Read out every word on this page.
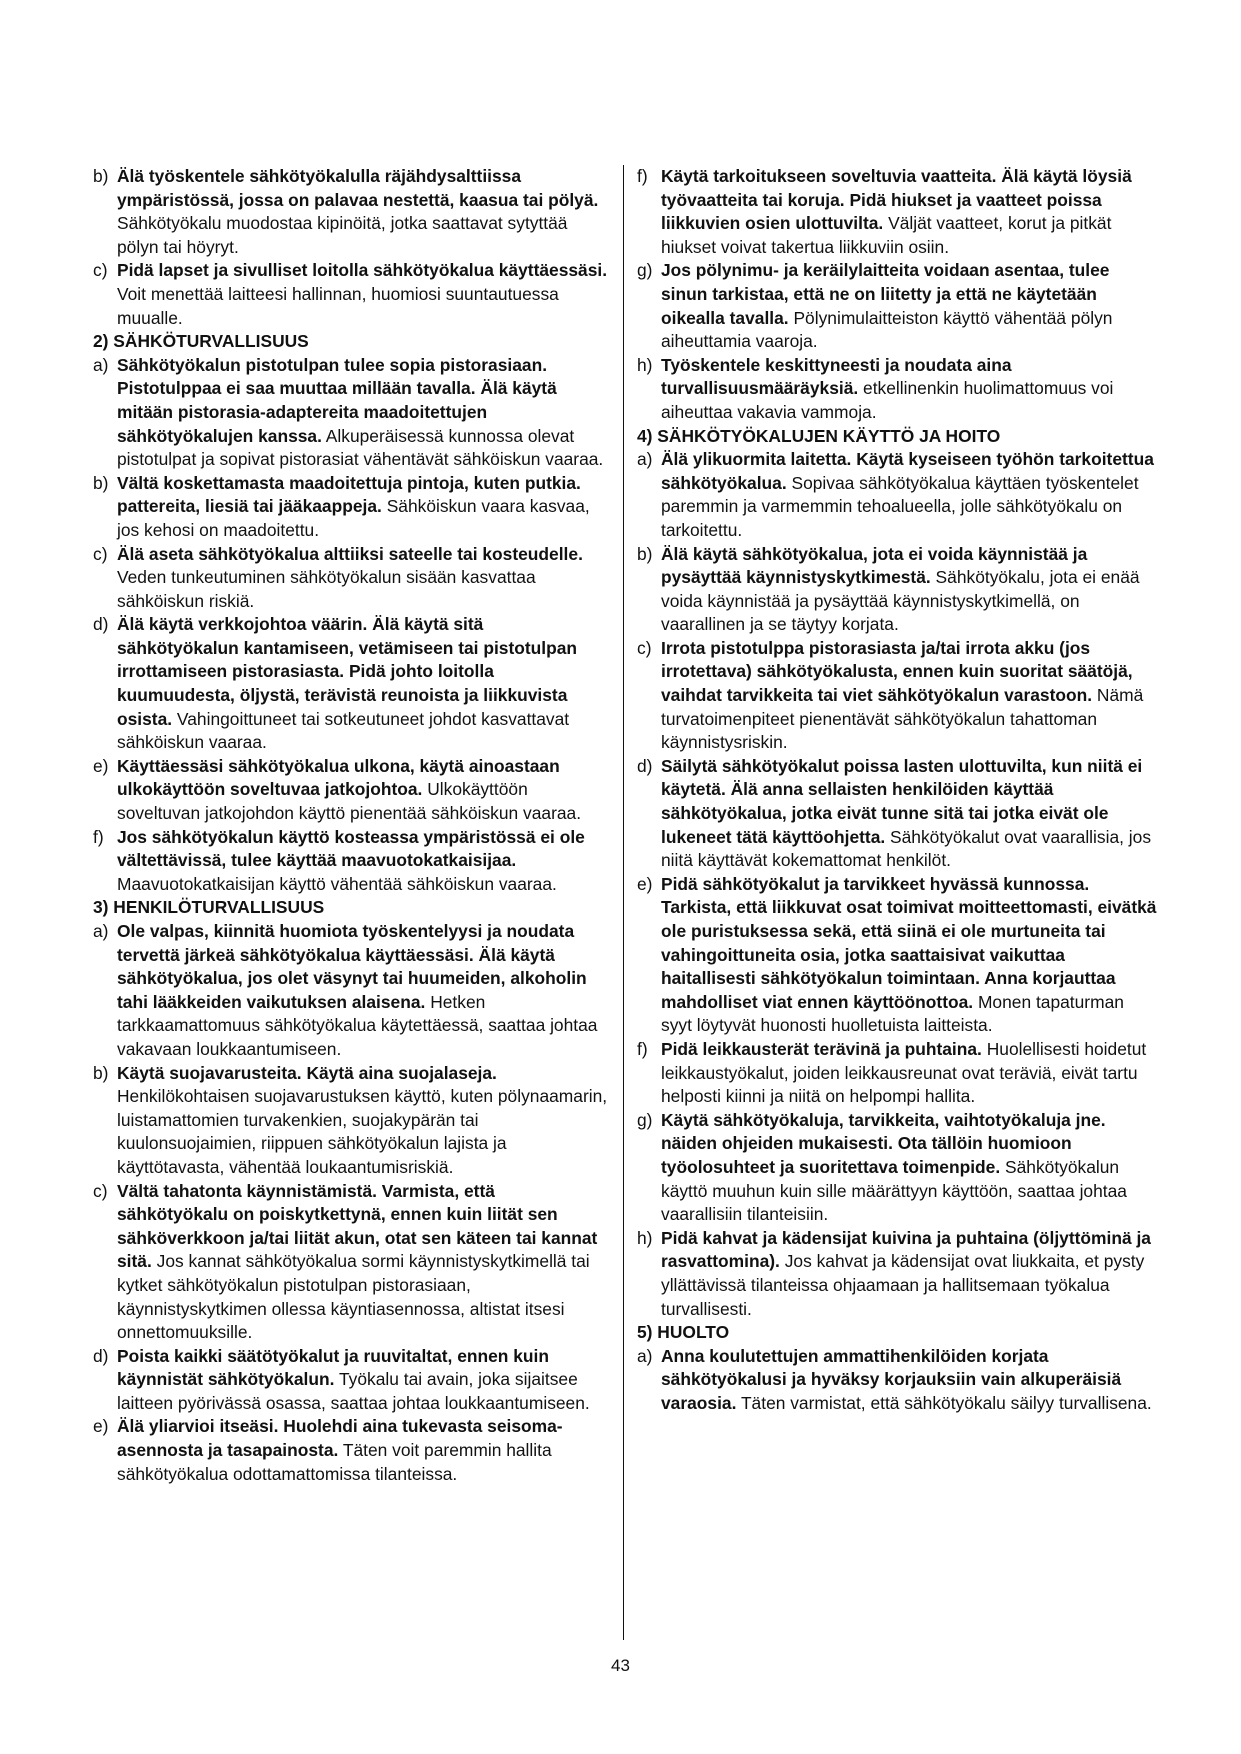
b) Älä työskentele sähkötyökalulla räjähdysalttiissa ympäristössä, jossa on palavaa nestettä, kaasua tai pölyä. Sähkötyökalu muodostaa kipinöitä, jotka saattavat sytyttää pölyn tai höyryt.

c) Pidä lapset ja sivulliset loitolla sähkötyökalua käyttäessäsi. Voit menettää laitteesi hallinnan, huomiosi suuntautuessa muualle.

2) SÄHKÖTURVALLISUUS

a) Sähkötyökalun pistotulpan tulee sopia pistorasiaan. Pistotulppaa ei saa muuttaa millään tavalla. Älä käytä mitään pistorasia-adaptereita maadoitettujen sähkötyökalujen kanssa. Alkuperäisessä kunnossa olevat pistotulpat ja sopivat pistorasiat vähentävät sähköiskun vaaraa.

b) Vältä koskettamasta maadoitettuja pintoja, kuten putkia. pattereita, liesiä tai jääkaappeja. Sähköiskun vaara kasvaa, jos kehosi on maadoitettu.

c) Älä aseta sähkötyökalua alttiiksi sateelle tai kosteudelle. Veden tunkeutuminen sähkötyökalun sisään kasvattaa sähköiskun riskiä.

d) Älä käytä verkkojohtoa väärin. Älä käytä sitä sähkötyökalun kantamiseen, vetämiseen tai pistotulpan irrottamiseen pistorasiasta. Pidä johto loitolla kuumuudesta, öljystä, terävistä reunoista ja liikkuvista osista. Vahingoittuneet tai sotkeutuneet johdot kasvattavat sähköiskun vaaraa.

e) Käyttäessäsi sähkötyökalua ulkona, käytä ainoastaan ulkokäyttöön soveltuvaa jatkojohtoa. Ulkokäyttöön soveltuvan jatkojohdon käyttö pienentää sähköiskun vaaraa.

f) Jos sähkötyökalun käyttö kosteassa ympäristössä ei ole vältettävissä, tulee käyttää maavuotokatkaisijaa. Maavuotokatkaisijan käyttö vähentää sähköiskun vaaraa.

3) HENKILÖTURVALLISUUS

a) Ole valpas, kiinnitä huomiota työskentelyysi ja noudata tervettä järkeä sähkötyökalua käyttäessäsi. Älä käytä sähkötyökalua, jos olet väsynyt tai huumeiden, alkoholin tahi lääkkeiden vaikutuksen alaisena. Hetken tarkkaamattomuus sähkötyökalua käytettäessä, saattaa johtaa vakavaan loukkaantumiseen.

b) Käytä suojavarusteita. Käytä aina suojalaseja. Henkilökohtaisen suojavarustuksen käyttö, kuten pölynaamarin, luistamattomien turvakenkien, suojakypärän tai kuulonsuojaimien, riippuen sähkötyökalun lajista ja käyttötavasta, vähentää loukaantumisriskiä.

c) Vältä tahatonta käynnistämistä. Varmista, että sähkötyökalu on poiskytkettynä, ennen kuin liität sen sähköverkkoon ja/tai liität akun, otat sen käteen tai kannat sitä. Jos kannat sähkötyökalua sormi käynnistyskytkimellä tai kytket sähkötyökalun pistotulpan pistorasiaan, käynnistyskytkimen ollessa käyntiasennossa, altistat itsesi onnettomuuksille.

d) Poista kaikki säätötyökalut ja ruuvitaltat, ennen kuin käynnistät sähkötyökalun. Työkalu tai avain, joka sijaitsee laitteen pyörivässä osassa, saattaa johtaa loukkaantumiseen.

e) Älä yliarvioi itseäsi. Huolehdi aina tukevasta seisoma-asennosta ja tasapainosta. Täten voit paremmin hallita sähkötyökalua odottamattomissa tilanteissa.

f) Käytä tarkoitukseen soveltuvia vaatteita. Älä käytä löysiä työvaatteita tai koruja. Pidä hiukset ja vaatteet poissa liikkuvien osien ulottuvilta. Väljät vaatteet, korut ja pitkät hiukset voivat takertua liikkuviin osiin.

g) Jos pölynimu- ja keräilylaitteita voidaan asentaa, tulee sinun tarkistaa, että ne on liitetty ja että ne käytetään oikealla tavalla. Pölynimulaitteiston käyttö vähentää pölyn aiheuttamia vaaroja.

h) Työskentele keskittyneesti ja noudata aina turvallisuusmääräyksiä. etkellinenkin huolimattomuus voi aiheuttaa vakavia vammoja.

4) SÄHKÖTYÖKALUJEN KÄYTTÖ JA HOITO

a) Älä ylikuormita laitetta. Käytä kyseiseen työhön tarkoitettua sähkötyökalua. Sopivaa sähkötyökalua käyttäen työskentelet paremmin ja varmemmin tehoalueella, jolle sähkötyökalu on tarkoitettu.

b) Älä käytä sähkötyökalua, jota ei voida käynnistää ja pysäyttää käynnistyskytkimestä. Sähkötyökalu, jota ei enää voida käynnistää ja pysäyttää käynnistyskytkimellä, on vaarallinen ja se täytyy korjata.

c) Irrota pistotulppa pistorasiasta ja/tai irrota akku (jos irrotettava) sähkötyökalusta, ennen kuin suoritat säätöjä, vaihdat tarvikkeita tai viet sähkötyökalun varastoon. Nämä turvatoimenpiteet pienentävät sähkötyökalun tahattoman käynnistysriskin.

d) Säilytä sähkötyökalut poissa lasten ulottuvilta, kun niitä ei käytetä. Älä anna sellaisten henkilöiden käyttää sähkötyökalua, jotka eivät tunne sitä tai jotka eivät ole lukeneet tätä käyttöohjetta. Sähkötyökalut ovat vaarallisia, jos niitä käyttävät kokemattomat henkilöt.

e) Pidä sähkötyökalut ja tarvikkeet hyvässä kunnossa. Tarkista, että liikkuvat osat toimivat moitteettomasti, eivätkä ole puristuksessa sekä, että siinä ei ole murtuneita tai vahingoittuneita osia, jotka saattaisivat vaikuttaa haitallisesti sähkötyökalun toimintaan. Anna korjauttaa mahdolliset viat ennen käyttöönottoa. Monen tapaturman syyt löytyvät huonosti huolletuista laitteista.

f) Pidä leikkausterät terävinä ja puhtaina. Huolellisesti hoidetut leikkaustyökalut, joiden leikkausreunat ovat teräviä, eivät tartu helposti kiinni ja niitä on helpompi hallita.

g) Käytä sähkötyökaluja, tarvikkeita, vaihtotyökaluja jne. näiden ohjeiden mukaisesti. Ota tällöin huomioon työolosuhteet ja suoritettava toimenpide. Sähkötyökalun käyttö muuhun kuin sille määrättyyn käyttöön, saattaa johtaa vaarallisiin tilanteisiin.

h) Pidä kahvat ja kädensijat kuivina ja puhtaina (öljyttöminä ja rasvattomina). Jos kahvat ja kädensijat ovat liukkaita, et pysty yllättävissä tilanteissa ohjaamaan ja hallitsemaan työkalua turvallisesti.

5) HUOLTO

a) Anna koulutettujen ammattihenkilöiden korjata sähkötyökalusi ja hyväksy korjauksiin vain alkuperäisiä varaosia. Täten varmistat, että sähkötyökalu säilyy turvallisena.

43
